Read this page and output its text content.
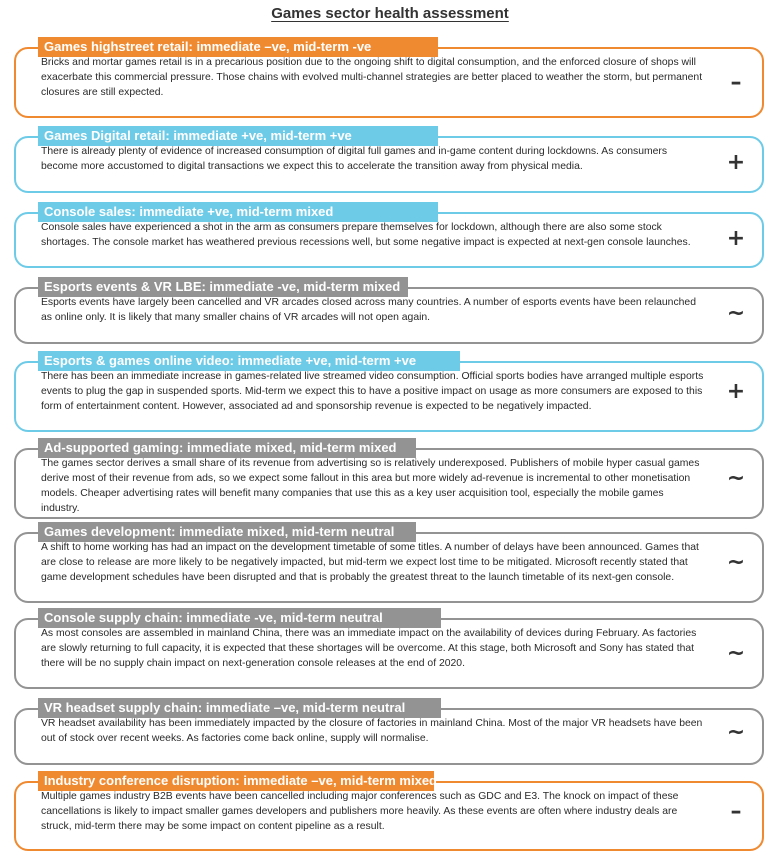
Games sector health assessment
Games highstreet retail: immediate –ve, mid-term -ve
Bricks and mortar games retail is in a precarious position due to the ongoing shift to digital consumption, and the enforced closure of shops will exacerbate this commercial pressure. Those chains with evolved multi-channel strategies are better placed to weather the storm, but permanent closures are still expected.	–
Games Digital retail: immediate +ve, mid-term +ve
There is already plenty of evidence of increased consumption of digital full games and in-game content during lockdowns. As consumers become more accustomed to digital transactions we expect this to accelerate the transition away from physical media.	+
Console sales: immediate +ve, mid-term mixed
Console sales have experienced a shot in the arm as consumers prepare themselves for lockdown, although there are also some stock shortages. The console market has weathered previous recessions well, but some negative impact is expected at next-gen console launches.	+
Esports events & VR LBE: immediate -ve, mid-term mixed
Esports events have largely been cancelled and VR arcades closed across many countries. A number of esports events have been relaunched as online only. It is likely that many smaller chains of VR arcades will not open again.	~
Esports & games online video: immediate +ve, mid-term +ve
There has been an immediate increase in games-related live streamed video consumption. Official sports bodies have arranged multiple esports events to plug the gap in suspended sports. Mid-term we expect this to have a positive impact on usage as more consumers are exposed to this form of entertainment content. However, associated ad and sponsorship revenue is expected to be negatively impacted.
+
Ad-supported gaming: immediate mixed, mid-term mixed
The games sector derives a small share of its revenue from advertising so is relatively underexposed. Publishers of mobile hyper casual games derive most of their revenue from ads, so we expect some fallout in this area but more widely ad-revenue is incremental to other monetisation models. Cheaper advertising rates will benefit many companies that use this as a key user acquisition tool, especially the mobile games industry.
~
Games development: immediate mixed, mid-term neutral
A shift to home working has had an impact on the development timetable of some titles. A number of delays have been announced. Games that are close to release are more likely to be negatively impacted, but mid-term we expect lost time to be mitigated. Microsoft recently stated that game development schedules have been disrupted and that is probably the greatest threat to the launch timetable of its next-gen console.
~
Console supply chain: immediate -ve, mid-term neutral
As most consoles are assembled in mainland China, there was an immediate impact on the availability of devices during February. As factories are slowly returning to full capacity, it is expected that these shortages will be overcome. At this stage, both Microsoft and Sony has stated that there will be no supply chain impact on next-generation console releases at the end of 2020.	~
VR headset supply chain: immediate –ve, mid-term neutral
VR headset availability has been immediately impacted by the closure of factories in mainland China. Most of the major VR headsets have been out of stock over recent weeks. As factories come back online, supply will normalise.	~
Industry conference disruption: immediate –ve, mid-term mixed
Multiple games industry B2B events have been cancelled including major conferences such as GDC and E3. The knock on impact of these cancellations is likely to impact smaller games developers and publishers more heavily. As these events are often where industry deals are struck, mid-term there may be some impact on content pipeline as a result.
–
